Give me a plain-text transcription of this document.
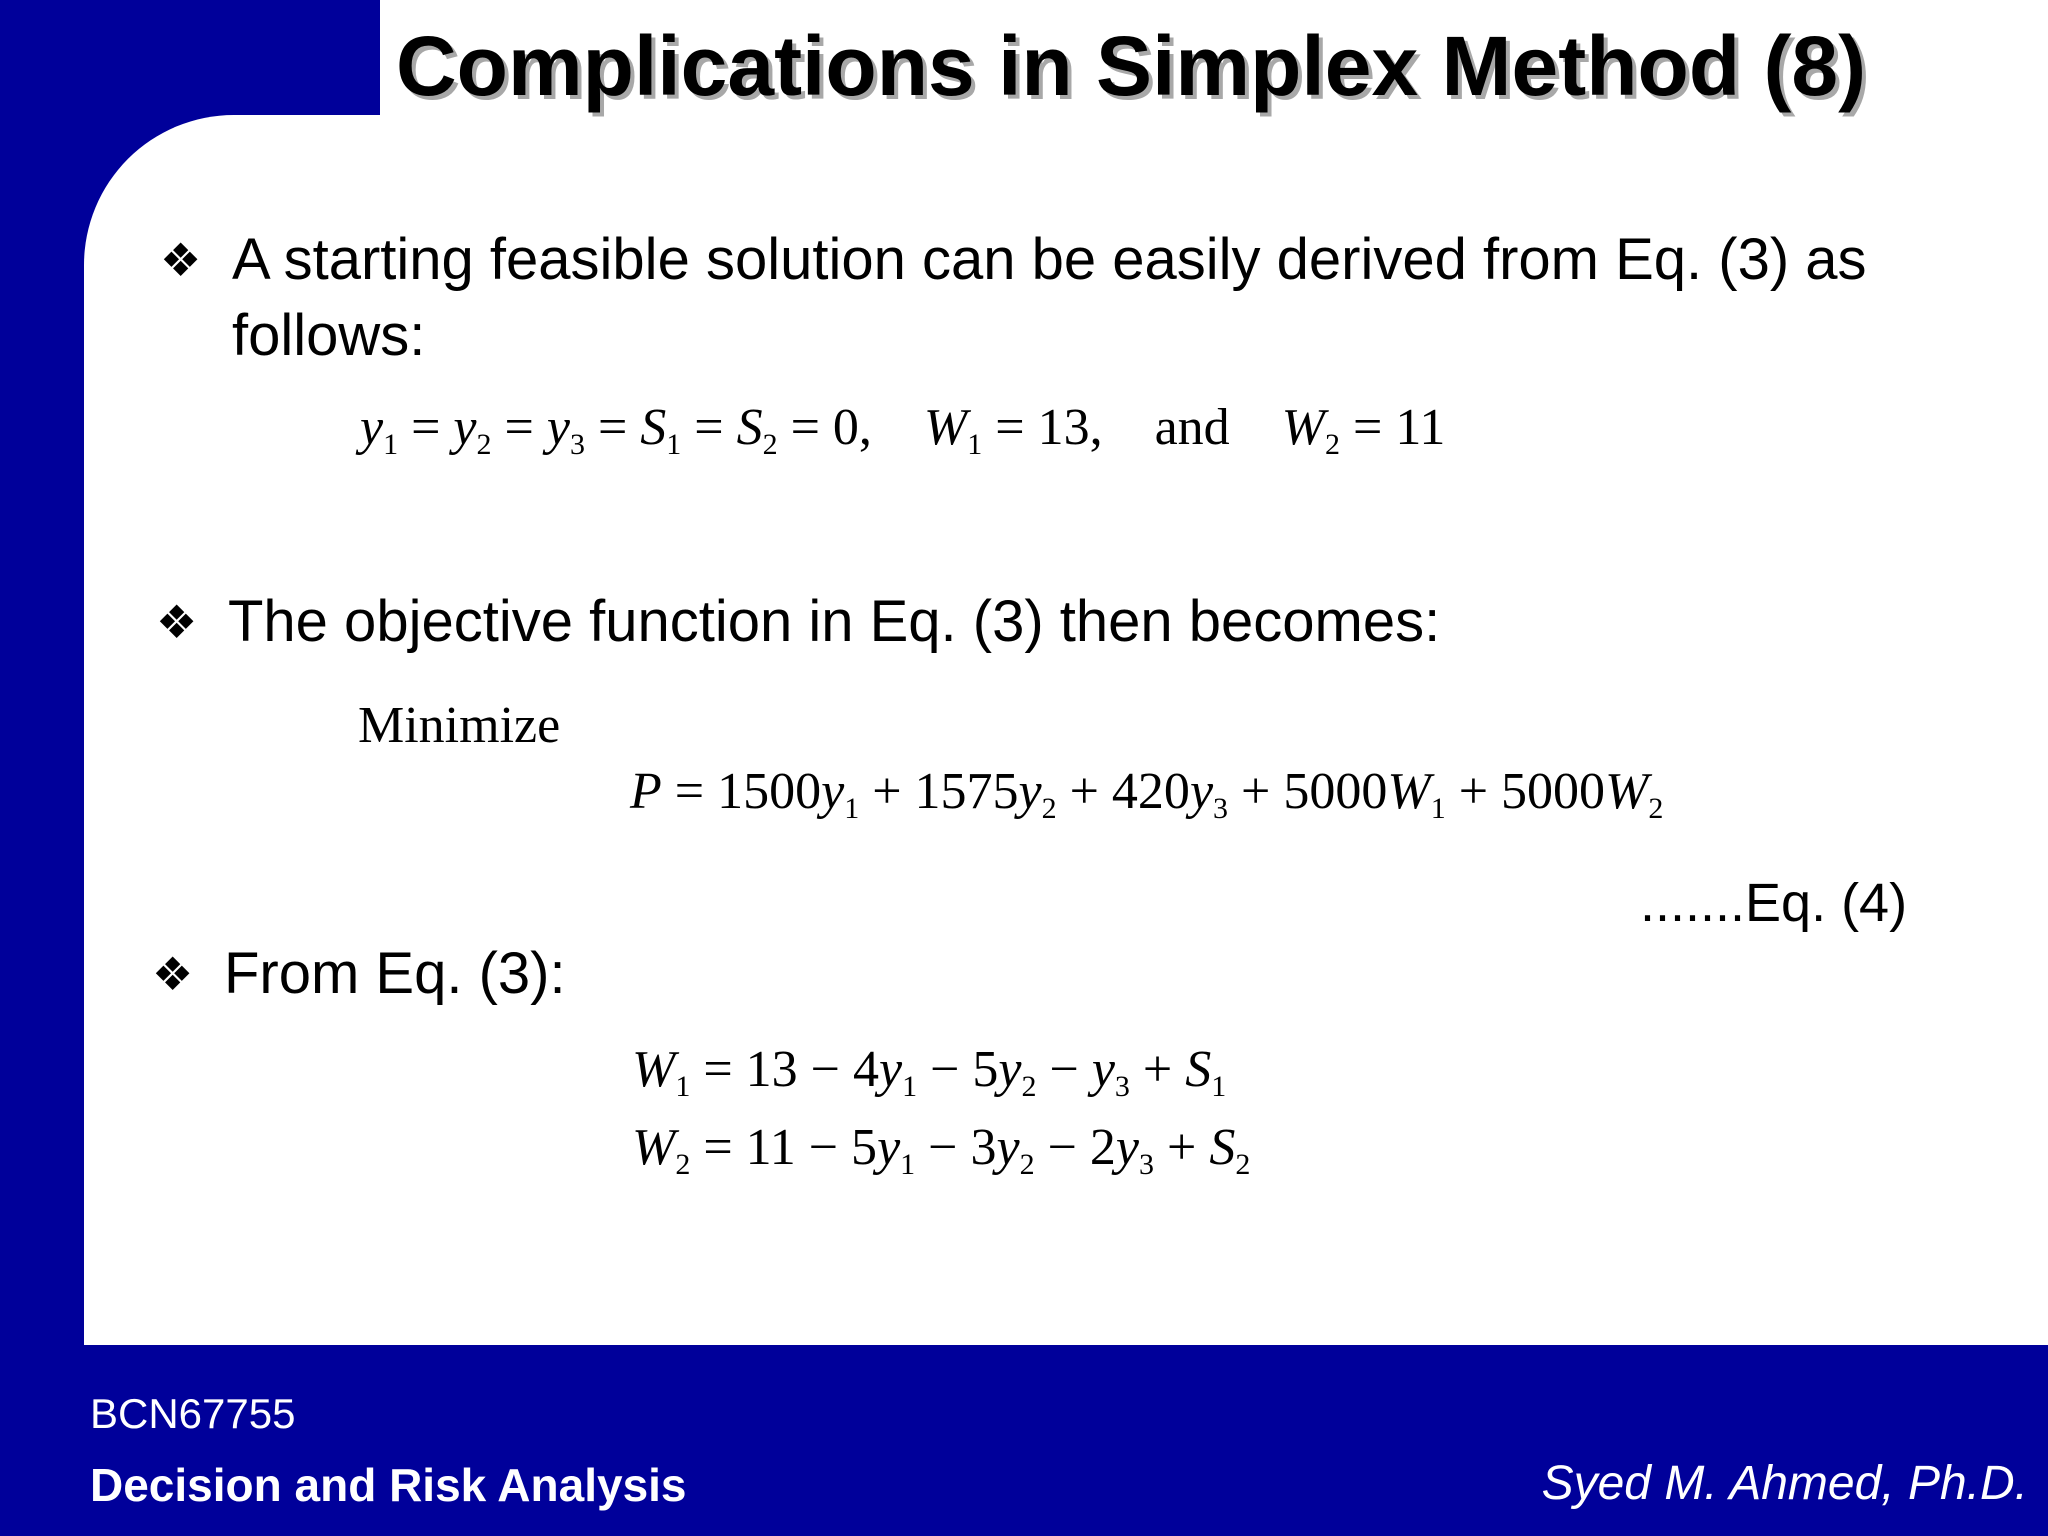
Complications in Simplex Method (8)
❖ A starting feasible solution can be easily derived from Eq. (3) as
follows:
$y_1 = y_2 = y_3 = S_1 = S_2 = 0$, $W_1 = 13$, and $W_2 = 11$
❖ The objective function in Eq. (3) then becomes:
Minimize
$P = 1500y_1 + 1575y_2 + 420y_3 + 5000W_1 + 5000W_2$
.......Eq. (4)
❖ From Eq. (3):
$W_1 = 13 - 4y_1 - 5y_2 - y_3 + S_1$
$W_2 = 11 - 5y_1 - 3y_2 - 2y_3 + S_2$
BCN67755
Decision and Risk Analysis	Syed M. Ahmed, Ph.D.
